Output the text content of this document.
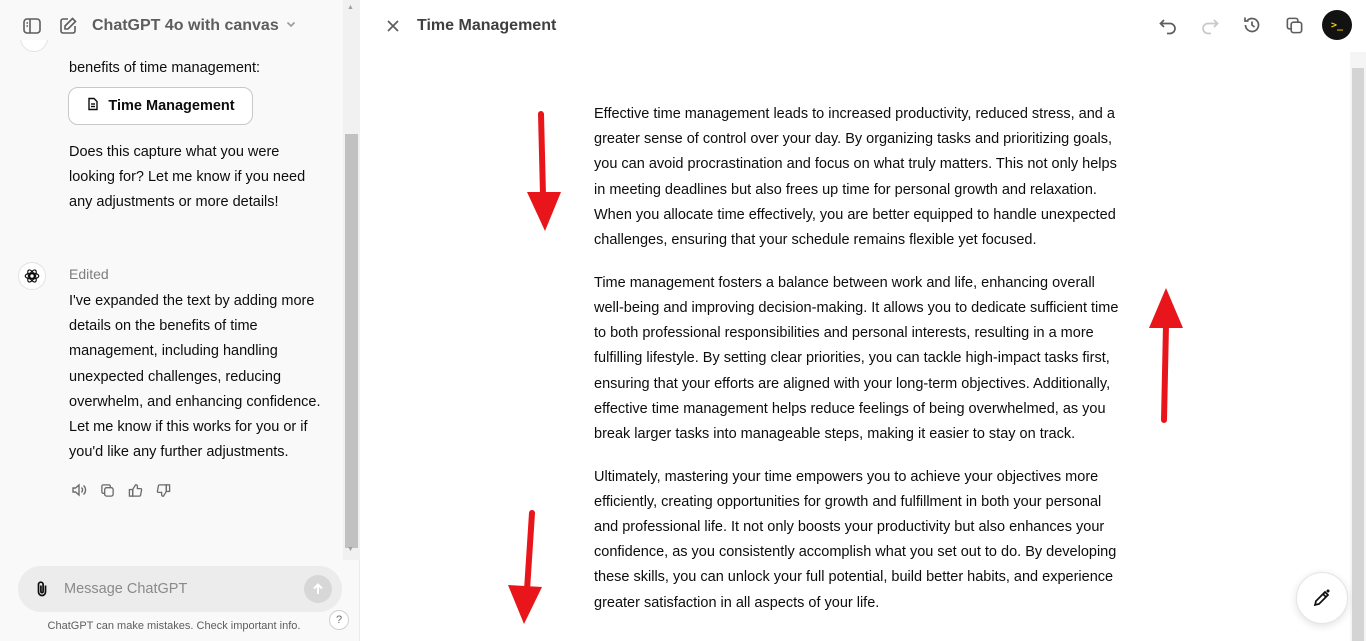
ChatGPT 4o with canvas
benefits of time management:
Time Management
Does this capture what you were looking for? Let me know if you need any adjustments or more details!
Edited
I've expanded the text by adding more details on the benefits of time management, including handling unexpected challenges, reducing overwhelm, and enhancing confidence. Let me know if this works for you or if you'd like any further adjustments.
▲
▼
Message ChatGPT
ChatGPT can make mistakes. Check important info.	?
Time Management	>_

Effective time management leads to increased productivity, reduced stress, and a greater sense of control over your day. By organizing tasks and prioritizing goals, you can avoid procrastination and focus on what truly matters. This not only helps in meeting deadlines but also frees up time for personal growth and relaxation. When you allocate time effectively, you are better equipped to handle unexpected challenges, ensuring that your schedule remains flexible yet focused.

Time management fosters a balance between work and life, enhancing overall well-being and improving decision-making. It allows you to dedicate sufficient time to both professional responsibilities and personal interests, resulting in a more fulfilling lifestyle. By setting clear priorities, you can tackle high-impact tasks first, ensuring that your efforts are aligned with your long-term objectives. Additionally, effective time management helps reduce feelings of being overwhelmed, as you break larger tasks into manageable steps, making it easier to stay on track.

Ultimately, mastering your time empowers you to achieve your objectives more efficiently, creating opportunities for growth and fulfillment in both your personal and professional life. It not only boosts your productivity but also enhances your confidence, as you consistently accomplish what you set out to do. By developing these skills, you can unlock your full potential, build better habits, and experience greater satisfaction in all aspects of your life.
